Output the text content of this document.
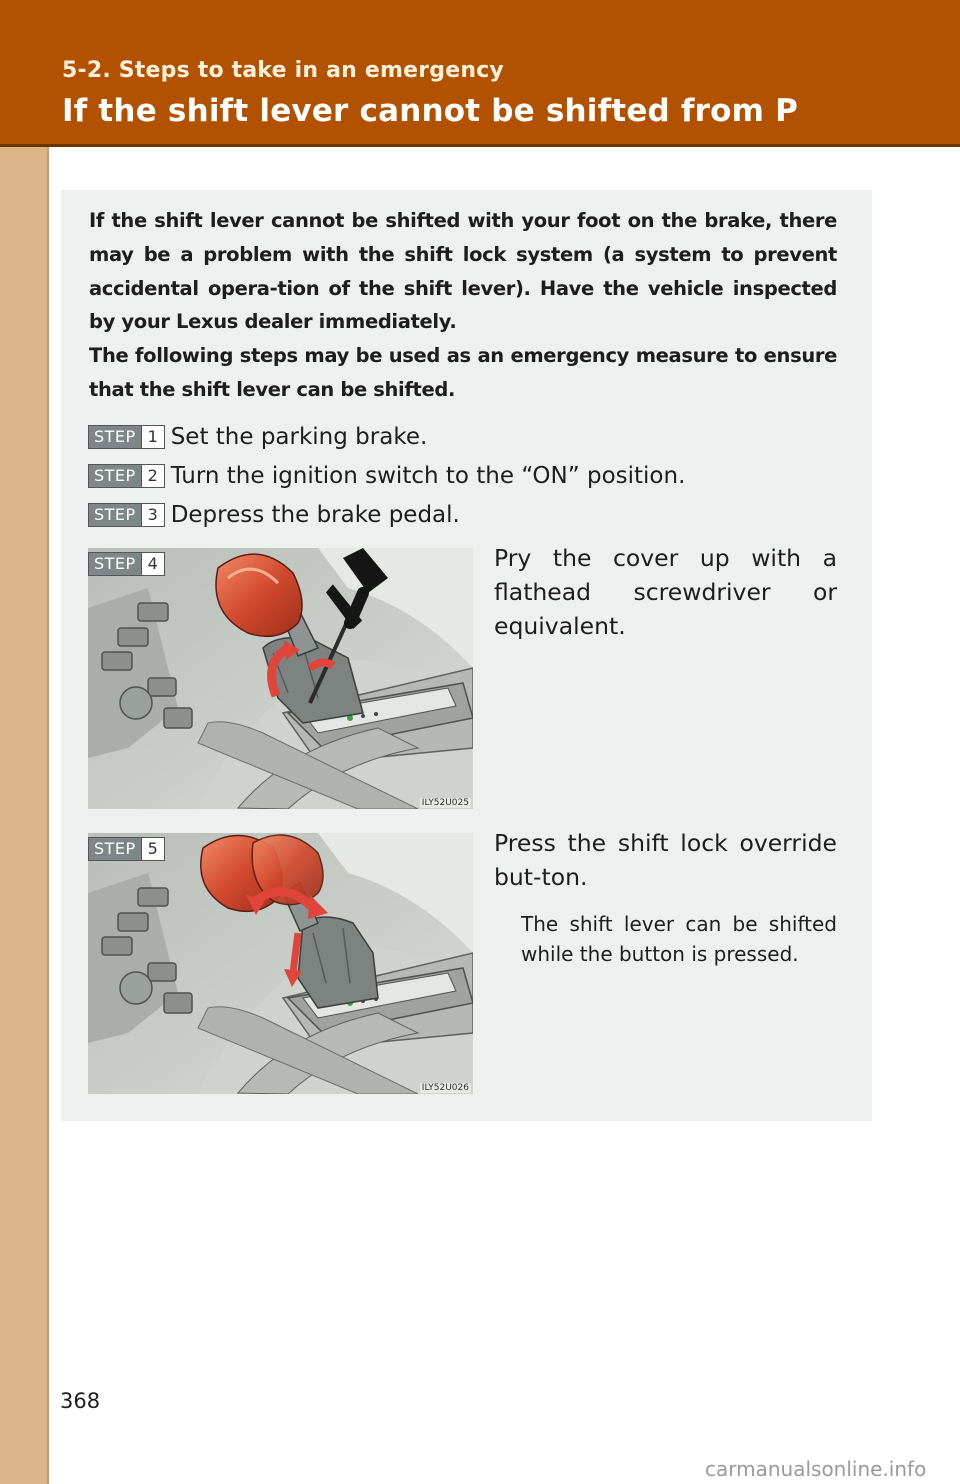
5-2. Steps to take in an emergency
If the shift lever cannot be shifted from P

If the shift lever cannot be shifted with your foot on the brake, there may be a problem with the shift lock system (a system to prevent accidental opera-tion of the shift lever). Have the vehicle inspected by your Lexus dealer immediately.

The following steps may be used as an emergency measure to ensure that the shift lever can be shifted.

STEP 1 Set the parking brake.
STEP 2 Turn the ignition switch to the “ON” position.
STEP 3 Depress the brake pedal.
STEP 4
ILY52U025
Pry the cover up with a flathead screwdriver or equivalent.
STEP 5
ILY52U026
Press the shift lock override but-ton.
The shift lever can be shifted while the button is pressed.
368
carmanualsonline.info
